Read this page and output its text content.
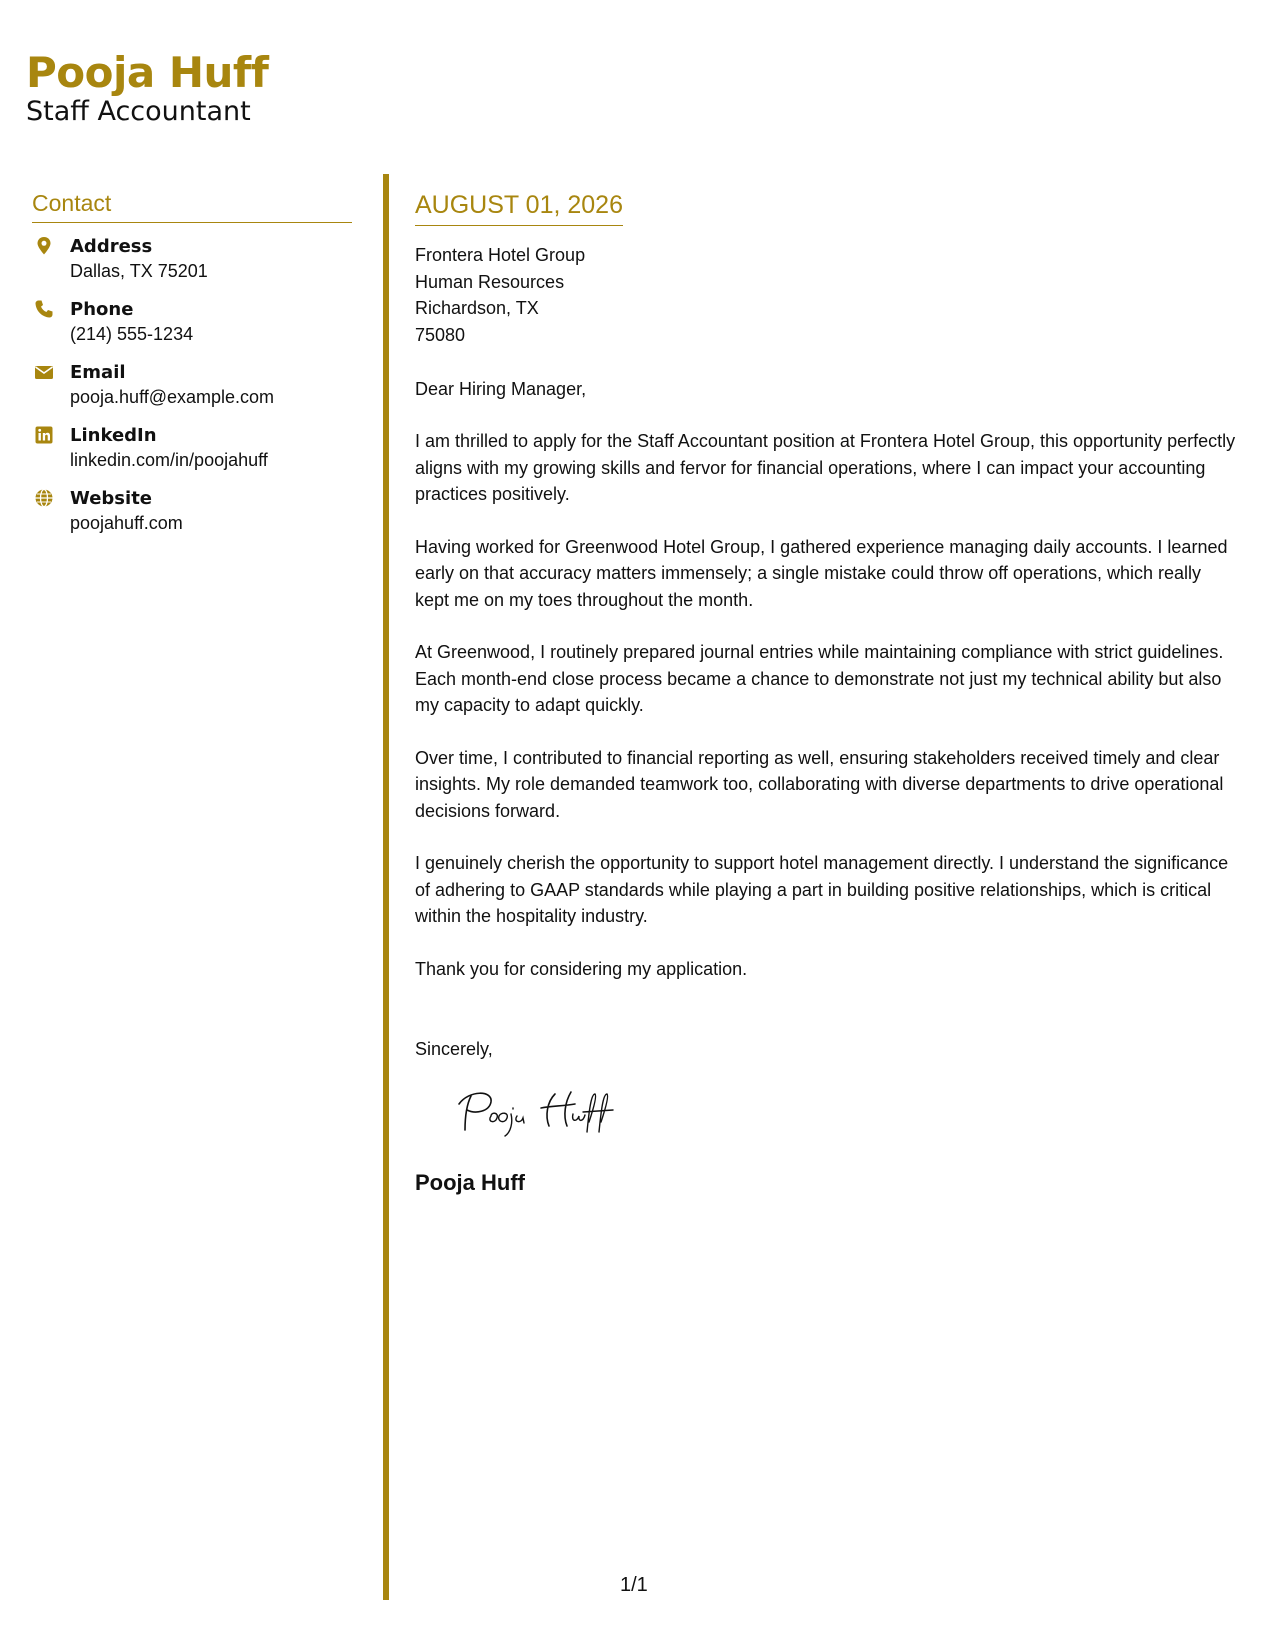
Pooja Huff
Staff Accountant
Contact
Address
Dallas, TX 75201
Phone
(214) 555-1234
Email
pooja.huff@example.com
LinkedIn
linkedin.com/in/poojahuff
Website
poojahuff.com
AUGUST 01, 2026
Frontera Hotel Group
Human Resources
Richardson, TX
75080
Dear Hiring Manager,
I am thrilled to apply for the Staff Accountant position at Frontera Hotel Group, this opportunity perfectly aligns with my growing skills and fervor for financial operations, where I can impact your accounting practices positively.
Having worked for Greenwood Hotel Group, I gathered experience managing daily accounts. I learned early on that accuracy matters immensely; a single mistake could throw off operations, which really kept me on my toes throughout the month.
At Greenwood, I routinely prepared journal entries while maintaining compliance with strict guidelines. Each month-end close process became a chance to demonstrate not just my technical ability but also my capacity to adapt quickly.
Over time, I contributed to financial reporting as well, ensuring stakeholders received timely and clear insights. My role demanded teamwork too, collaborating with diverse departments to drive operational decisions forward.
I genuinely cherish the opportunity to support hotel management directly. I understand the significance of adhering to GAAP standards while playing a part in building positive relationships, which is critical within the hospitality industry.
Thank you for considering my application.
Sincerely,
Pooja Huff
1/1
